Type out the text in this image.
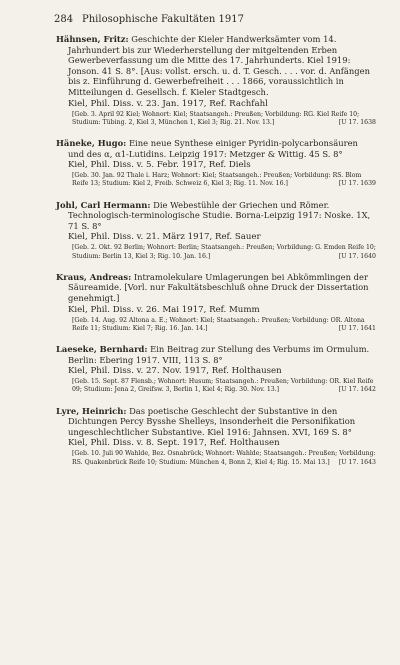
284 Philosophische Fakultäten 1917

Hähnsen, Fritz: Geschichte der Kieler Handwerksämter vom 14. Jahrhundert bis zur Wiederherstellung der mitgeltenden Erben Gewerbeverfassung um die Mitte des 17. Jahrhunderts. Kiel 1919: Jonson. 41 S. 8°. [Aus: vollst. ersch. u. d. T. Gesch. . . . vor. d. Anfängen bis z. Einführung d. Gewerbefreiheit . . . 1866, voraussichtlich in Mitteilungen d. Gesellsch. f. Kieler Stadtgesch.

Kiel, Phil. Diss. v. 23. Jan. 1917, Ref. Rachfahl
[Geb. 3. April 92 Kiel; Wohnort: Kiel; Staatsangeh.: Preußen; Vorbildung: RG. Kiel Reife 10; Studium: Tübing. 2, Kiel 3, München 1, Kiel 3; Rig. 21. Nov. 13.]	[U 17. 1638

Häneke, Hugo: Eine neue Synthese einiger Pyridin-polycarbonsäuren und des α, α1-Lutidins. Leipzig 1917: Metzger & Wittig. 45 S. 8°

Kiel, Phil. Diss. v. 5. Febr. 1917, Ref. Diels
[Geb. 30. Jan. 92 Thale i. Harz; Wohnort: Kiel; Staatsangeh.: Preußen; Vorbildung: RS. Blom Reife 13; Studium: Kiel 2, Freib. Schweiz 6, Kiel 3; Rig. 11. Nov. 16.]	[U 17. 1639

Johl, Carl Hermann: Die Webestühle der Griechen und Römer. Technologisch-terminologische Studie. Borna-Leipzig 1917: Noske. 1X, 71 S. 8°

Kiel, Phil. Diss. v. 21. März 1917, Ref. Sauer
[Geb. 2. Okt. 92 Berlin; Wohnort: Berlin; Staatsangeh.: Preußen; Vorbildung: G. Emden Reife 10; Studium: Berlin 13, Kiel 3; Rig. 10. Jan. 16.]	[U 17. 1640

Kraus, Andreas: Intramolekulare Umlagerungen bei Abkömmlingen der Säureamide. [Vorl. nur Fakultätsbeschluß ohne Druck der Dissertation genehmigt.]

Kiel, Phil. Diss. v. 26. Mai 1917, Ref. Mumm
[Geb. 14. Aug. 92 Altona a. E.; Wohnort: Kiel; Staatsangeh.: Preußen; Vorbildung: OR. Altona Reife 11; Studium: Kiel 7; Rig. 16. Jan. 14.]	[U 17. 1641

Laeseke, Bernhard: Ein Beitrag zur Stellung des Verbums im Ormulum. Berlin: Ebering 1917. VIII, 113 S. 8°

Kiel, Phil. Diss. v. 27. Nov. 1917, Ref. Holthausen
[Geb. 15. Sept. 87 Flensb.; Wohnort: Husum; Staatsangeh.: Preußen; Vorbildung: OR. Kiel Reife 09; Studium: Jena 2, Greifsw. 3, Berlin 1, Kiel 4; Rig. 30. Nov. 13.]	[U 17. 1642

Lyre, Heinrich: Das poetische Geschlecht der Substantive in den Dichtungen Percy Bysshe Shelleys, insonderheit die Personifikation ungeschlechtlicher Substantive. Kiel 1916: Jahnsen. XVI, 169 S. 8°

Kiel, Phil. Diss. v. 8. Sept. 1917, Ref. Holthausen
[Geb. 10. Juli 90 Wahlde, Bez. Osnabrück; Wohnort: Wahlde; Staatsangeh.: Preußen; Vorbildung: RS. Quakenbrück Reife 10; Studium: München 4, Bonn 2, Kiel 4; Rig. 15. Mai 13.] [U 17. 1643
